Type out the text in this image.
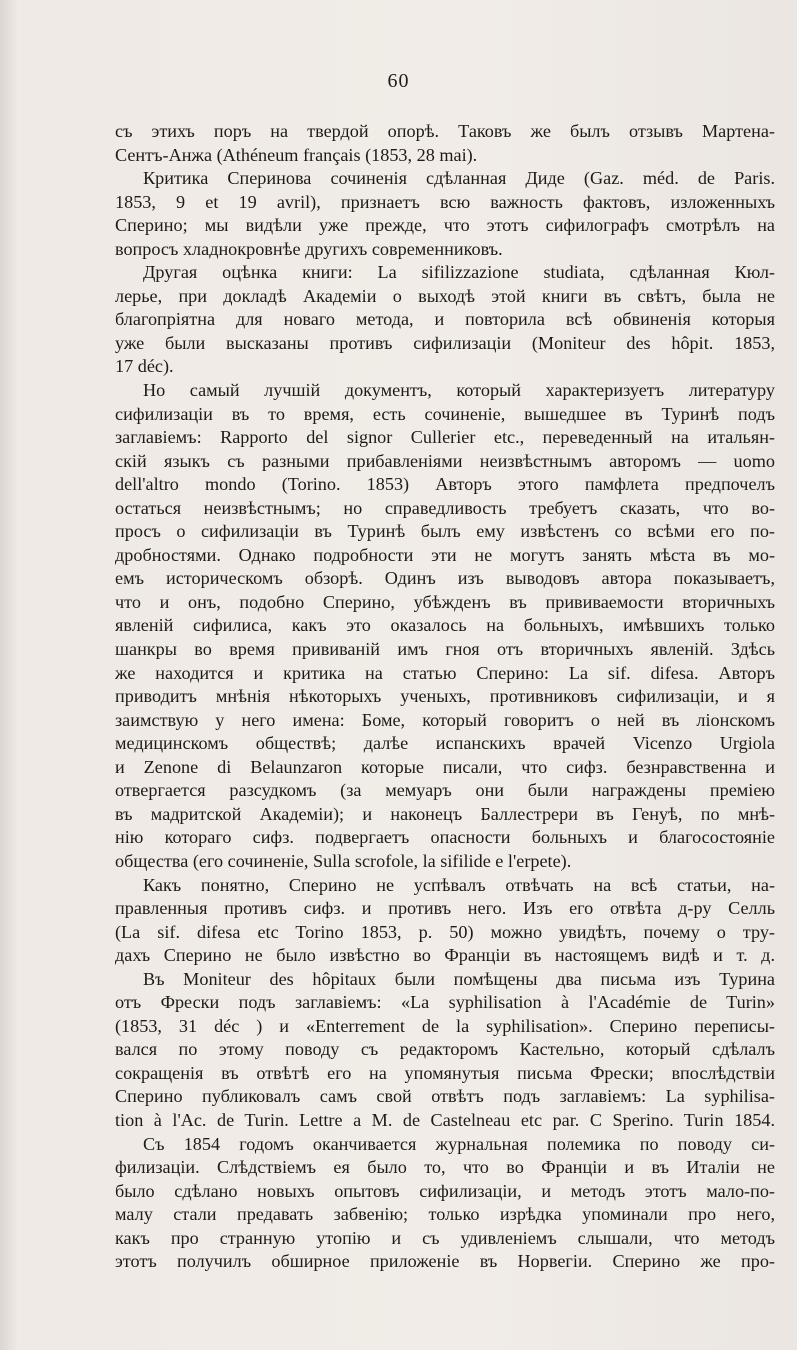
60
съ этихъ поръ на твердой опорѣ. Таковъ же былъ отзывъ Мартена-
Сентъ-Анжа (Athéneum français (1853, 28 mai).
Критика Сперинова сочиненія сдѣланная Диде (Gaz. méd. de Paris.
1853, 9 et 19 avril), признаетъ всю важность фактовъ, изложенныхъ
Сперино; мы видѣли уже прежде, что этотъ сифилографъ смотрѣлъ на
вопросъ хладнокровнѣе другихъ современниковъ.
Другая оцѣнка книги: La sifilizzazione studiata, сдѣланная Кюл-
лерье, при докладѣ Академіи о выходѣ этой книги въ свѣтъ, была не
благопріятна для новаго метода, и повторила всѣ обвиненія которыя
уже были высказаны противъ сифилизаціи (Moniteur des hôpit. 1853,
17 déc).
Но самый лучшій документъ, который характеризуетъ литературу
сифилизаціи въ то время, есть сочиненіе, вышедшее въ Туринѣ подъ
заглавіемъ: Rapporto del signor Cullerier etc., переведенный на итальян-
скій языкъ съ разными прибавленіями неизвѣстнымъ авторомъ — uomo
dell'altro mondo (Torino. 1853) Авторъ этого памфлета предпочелъ
остаться неизвѣстнымъ; но справедливость требуетъ сказать, что во-
просъ о сифилизаціи въ Туринѣ былъ ему извѣстенъ со всѣми его по-
дробностями. Однако подробности эти не могутъ занять мѣста въ мо-
емъ историческомъ обзорѣ. Одинъ изъ выводовъ автора показываетъ,
что и онъ, подобно Сперино, убѣжденъ въ прививаемости вторичныхъ
явленій сифилиса, какъ это оказалось на больныхъ, имѣвшихъ только
шанкры во время прививаній имъ гноя отъ вторичныхъ явленій. Здѣсь
же находится и критика на статью Сперино: La sif. difesa. Авторъ
приводитъ мнѣнія нѣкоторыхъ ученыхъ, противниковъ сифилизаціи, и я
заимствую у него имена: Боме, который говоритъ о ней въ ліонскомъ
медицинскомъ обществѣ; далѣе испанскихъ врачей Vicenzo Urgiola
и Zenone di Belaunzaron которые писали, что сифз. безнравственна и
отвергается разсудкомъ (за мемуаръ они были награждены премiею
въ мадритской Академiи); и наконецъ Баллестрери въ Генуѣ, по мнѣ-
нію котораго сифз. подвергаетъ опасности больныхъ и благосостояніе
общества (его сочиненіе, Sulla scrofole, la sifilide e l'erpete).
Какъ понятно, Сперино не успѣвалъ отвѣчать на всѣ статьи, на-
правленныя противъ сифз. и противъ него. Изъ его отвѣта д-ру Селль
(La sif. difesa etc Torino 1853, p. 50) можно увидѣть, почему о тру-
дахъ Сперино не было извѣстно во Франціи въ настоящемъ видѣ и т. д.
Въ Moniteur des hôpitaux были помѣщены два письма изъ Турина
отъ Фрески подъ заглавіемъ: «La syphilisation à l'Académie de Turin»
(1853, 31 déc ) и «Enterrement de la syphilisation». Сперино переписы-
вался по этому поводу съ редакторомъ Кастельно, который сдѣлалъ
сокращенія въ отвѣтѣ его на упомянутыя письма Фрески; впослѣдствіи
Сперино публиковалъ самъ свой отвѣтъ подъ заглавіемъ: La syphilisa-
tion à l'Ac. de Turin. Lettre a M. de Castelneau etc par. C Sperino. Turin 1854.
Съ 1854 годомъ оканчивается журнальная полемика по поводу си-
филизаціи. Слѣдствіемъ ея было то, что во Франціи и въ Италіи не
было сдѣлано новыхъ опытовъ сифилизаціи, и методъ этотъ мало-по-
малу стали предавать забвенію; только изрѣдка упоминали про него,
какъ про странную утопію и съ удивленіемъ слышали, что методъ
этотъ получилъ обширное приложеніе въ Норвегіи. Сперино же про-
